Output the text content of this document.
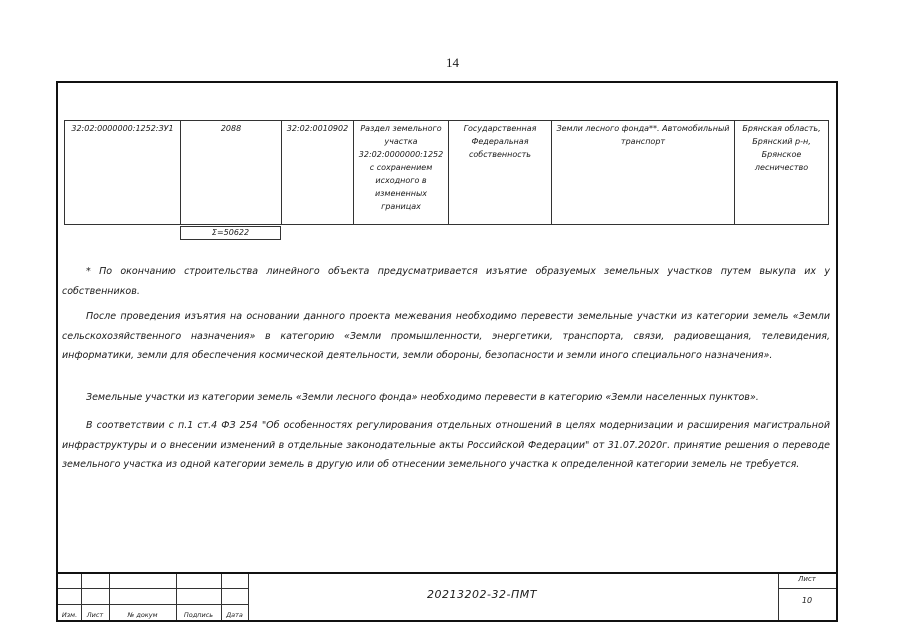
14
32:02:0000000:1252:ЗУ1	2088	32:02:0010902	Раздел земельного участка 32:02:0000000:1252 с сохранением исходного в измененных границах	Государственная Федеральная собственность	Земли лесного фонда**. Автомобильный транспорт	Брянская область, Брянский р-н, Брянское лесничество
Σ=50622

* По окончанию строительства линейного объекта предусматривается изъятие образуемых земельных участков путем выкупа их у собственников.

После проведения изъятия на основании данного проекта межевания необходимо перевести земельные участки из категории земель «Земли сельскохозяйственного назначения» в категорию «Земли промышленности, энергетики, транспорта, связи, радиовещания, телевидения, информатики, земли для обеспечения космической деятельности, земли обороны, безопасности и земли иного специального назначения».

Земельные участки из категории земель «Земли лесного фонда» необходимо перевести в категорию «Земли населенных пунктов».

В соответствии с п.1 ст.4 ФЗ 254 "Об особенностях регулирования отдельных отношений в целях модернизации и расширения магистральной инфраструктуры и о внесении изменений в отдельные законодательные акты Российской Федерации" от 31.07.2020г. принятие решения о переводе земельного участка из одной категории земель в другую или об отнесении земельного участка к определенной категории земель не требуется.

Изм.	Лист	№ докум	Подпись	Дата
20213202-32-ПМТ
Лист
10
